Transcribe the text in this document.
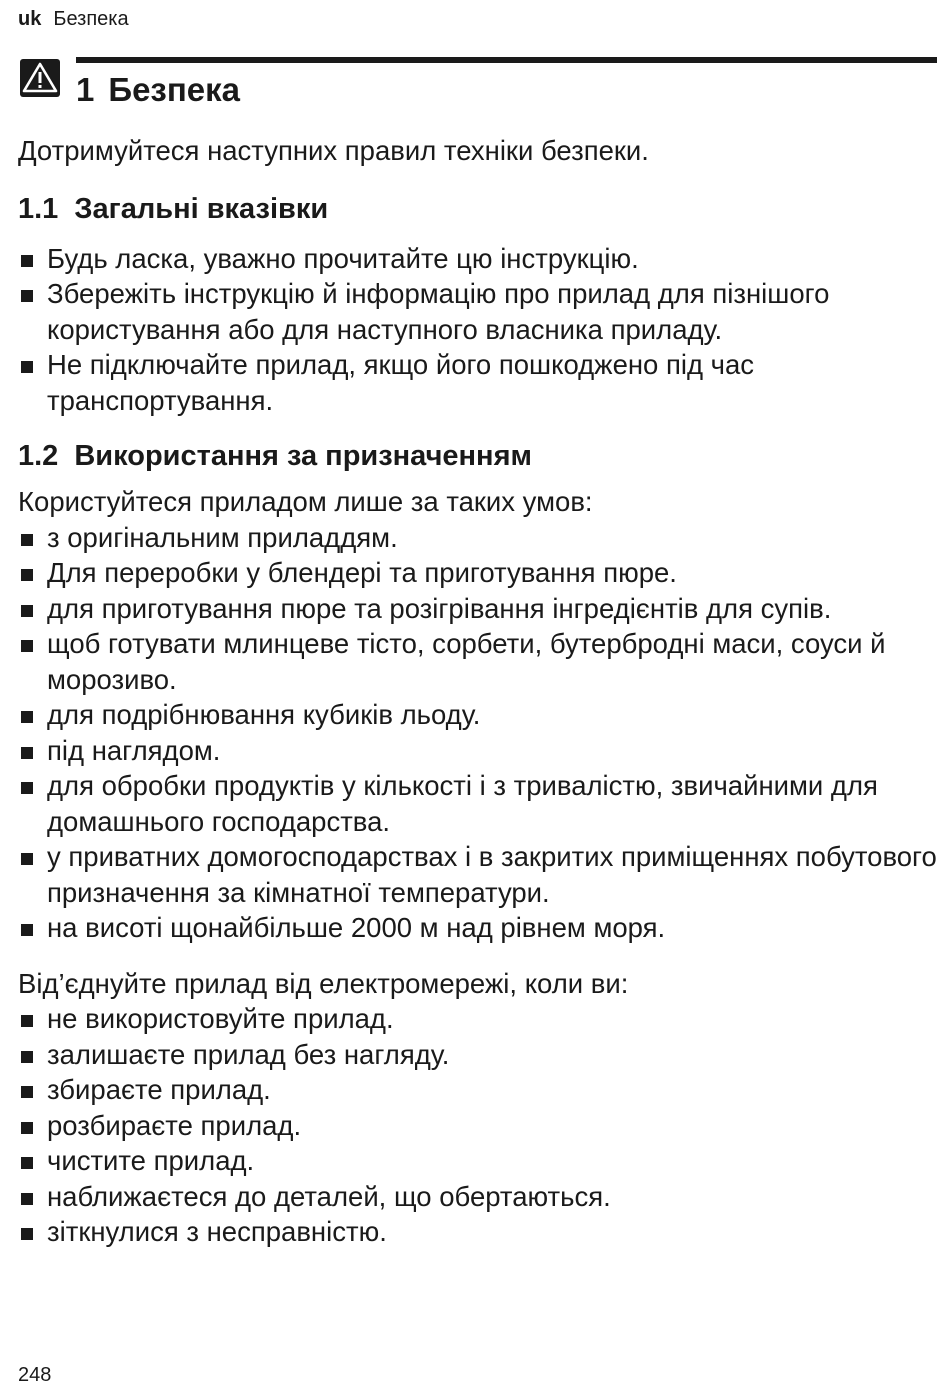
uk Безпека
1 Безпека

Дотримуйтеся наступних правил техніки безпеки.

1.1 Загальні вказівки
Будь ласка, уважно прочитайте цю інструкцію.
Збережіть інструкцію й інформацію про прилад для пізнішого користування або для наступного власника приладу.
Не підключайте прилад, якщо його пошкоджено під час транспортування.
1.2 Використання за призначенням

Користуйтеся приладом лише за таких умов:

з оригінальним приладдям.
Для переробки у блендері та приготування пюре.
для приготування пюре та розігрівання інгредієнтів для супів.
щоб готувати млинцеве тісто, сорбети, бутербродні маси, соуси й морозиво.
для подрібнювання кубиків льоду.
під наглядом.
для обробки продуктів у кількості і з тривалістю, звичайними для домашнього господарства.
у приватних домогосподарствах і в закритих приміщеннях побутового призначення за кімнатної температури.
на висоті щонайбільше 2000 м над рівнем моря.

Від’єднуйте прилад від електромережі, коли ви:

не використовуйте прилад.
залишаєте прилад без нагляду.
збираєте прилад.
розбираєте прилад.
чистите прилад.
наближаєтеся до деталей, що обертаються.
зіткнулися з несправністю.
248
